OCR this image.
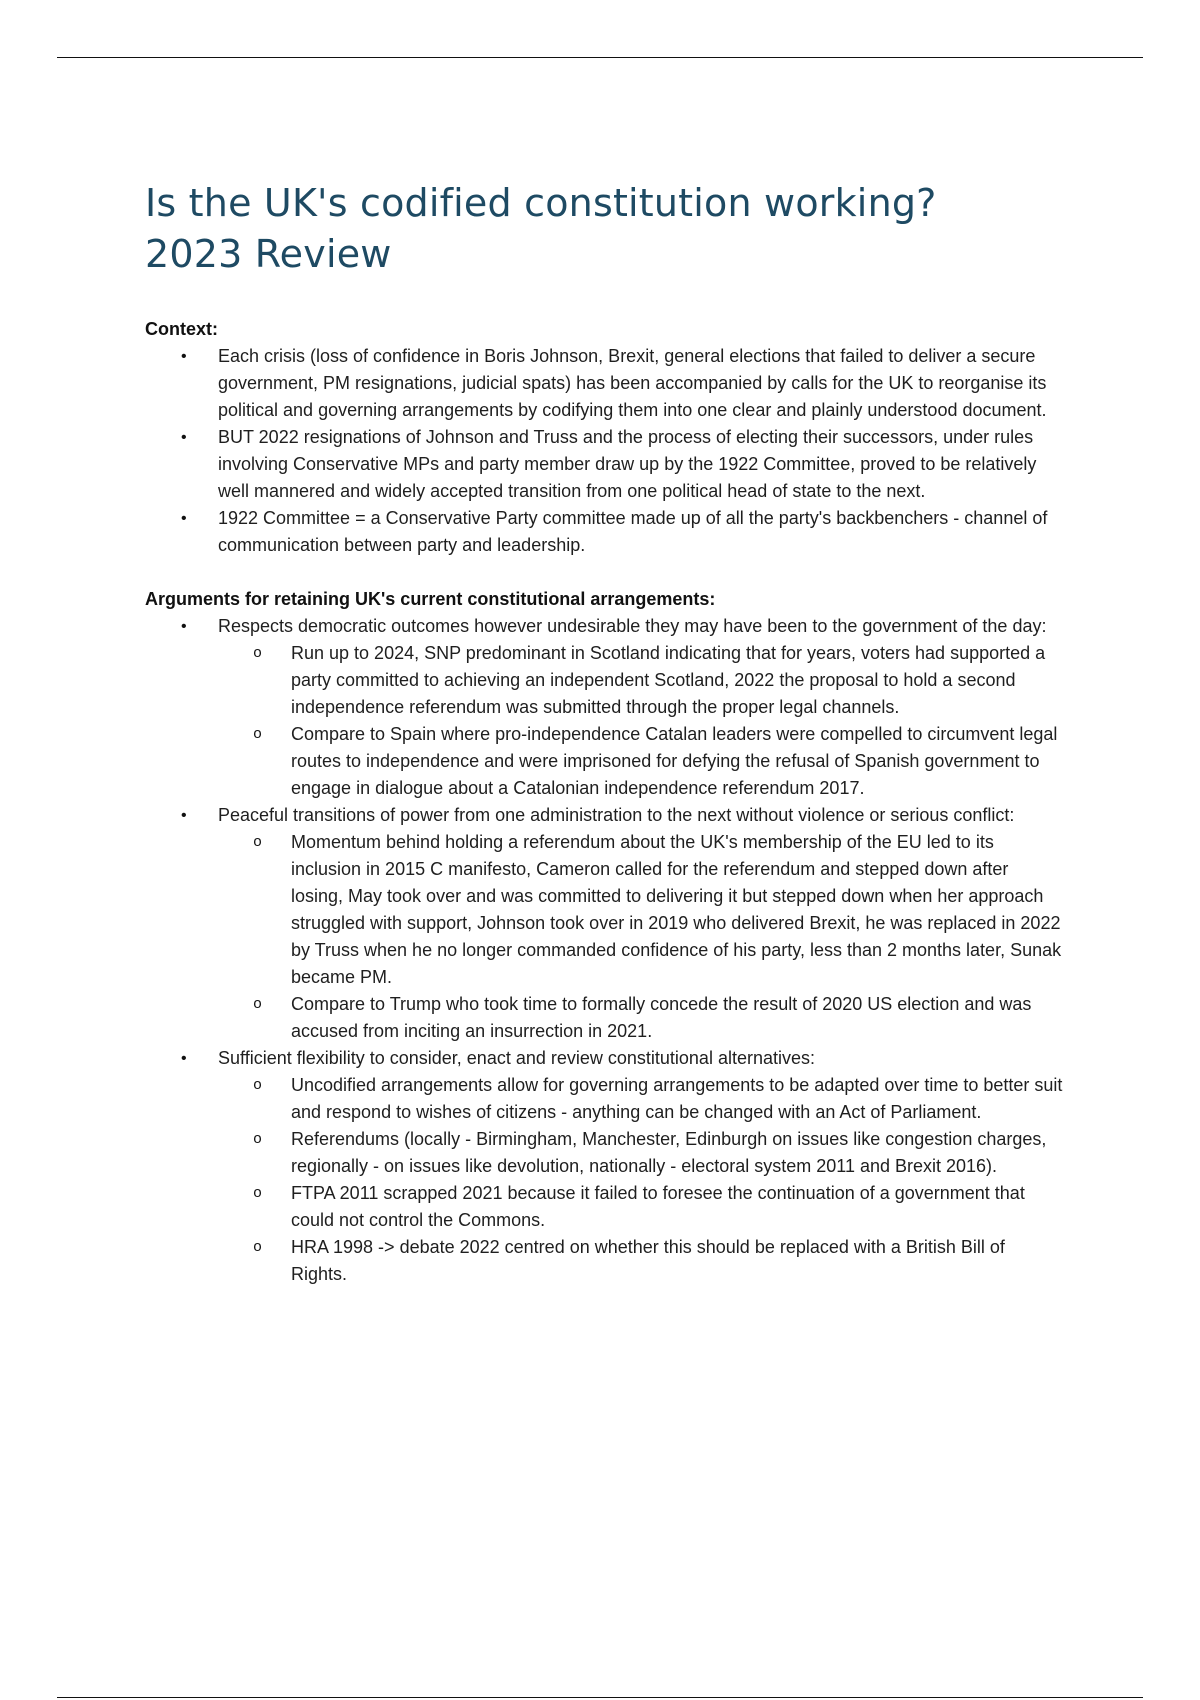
Is the UK's codified constitution working?
2023 Review

Context:

• Each crisis (loss of confidence in Boris Johnson, Brexit, general elections that failed to deliver a secure government, PM resignations, judicial spats) has been accompanied by calls for the UK to reorganise its political and governing arrangements by codifying them into one clear and plainly understood document.
• BUT 2022 resignations of Johnson and Truss and the process of electing their successors, under rules involving Conservative MPs and party member draw up by the 1922 Committee, proved to be relatively well mannered and widely accepted transition from one political head of state to the next.
• 1922 Committee = a Conservative Party committee made up of all the party's backbenchers - channel of communication between party and leadership.

Arguments for retaining UK's current constitutional arrangements:

• Respects democratic outcomes however undesirable they may have been to the government of the day:
o Run up to 2024, SNP predominant in Scotland indicating that for years, voters had supported a party committed to achieving an independent Scotland, 2022 the proposal to hold a second independence referendum was submitted through the proper legal channels.
o Compare to Spain where pro-independence Catalan leaders were compelled to circumvent legal routes to independence and were imprisoned for defying the refusal of Spanish government to engage in dialogue about a Catalonian independence referendum 2017.
• Peaceful transitions of power from one administration to the next without violence or serious conflict:
o Momentum behind holding a referendum about the UK's membership of the EU led to its inclusion in 2015 C manifesto, Cameron called for the referendum and stepped down after losing, May took over and was committed to delivering it but stepped down when her approach struggled with support, Johnson took over in 2019 who delivered Brexit, he was replaced in 2022 by Truss when he no longer commanded confidence of his party, less than 2 months later, Sunak became PM.
o Compare to Trump who took time to formally concede the result of 2020 US election and was accused from inciting an insurrection in 2021.
• Sufficient flexibility to consider, enact and review constitutional alternatives:
o Uncodified arrangements allow for governing arrangements to be adapted over time to better suit and respond to wishes of citizens - anything can be changed with an Act of Parliament.
o Referendums (locally - Birmingham, Manchester, Edinburgh on issues like congestion charges, regionally - on issues like devolution, nationally - electoral system 2011 and Brexit 2016).
o FTPA 2011 scrapped 2021 because it failed to foresee the continuation of a government that could not control the Commons.
o HRA 1998 -> debate 2022 centred on whether this should be replaced with a British Bill of Rights.
